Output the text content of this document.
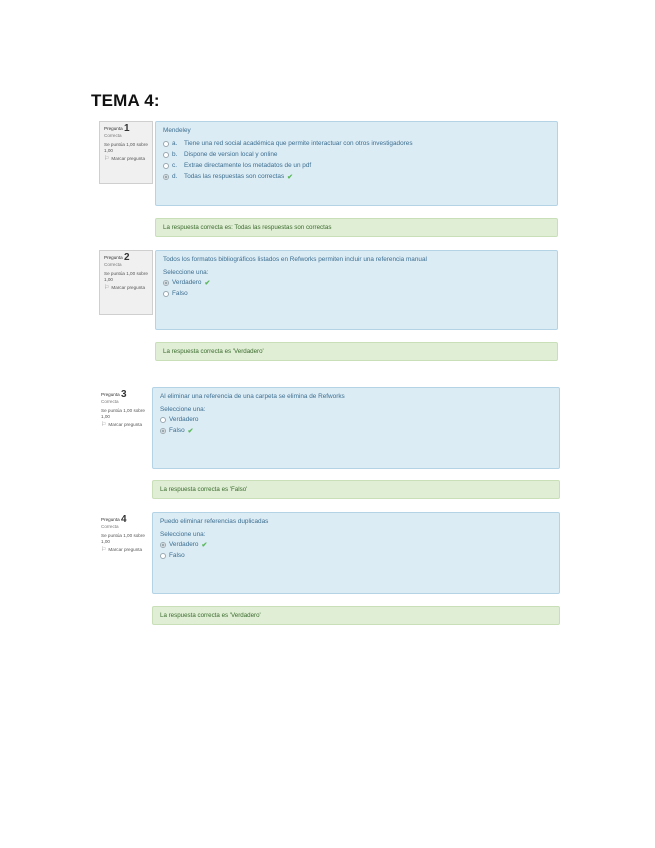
TEMA 4:
Pregunta 1
Correcta
Se puntúa 1,00 sobre 1,00
⚐ Marcar pregunta
Mendeley
a.	Tiene una red social académica que permite interactuar con otros investigadores
b.	Dispone de version local y online
c.	Extrae directamente los metadatos de un pdf
d.	Todas las respuestas son correctas ✔
La respuesta correcta es: Todas las respuestas son correctas
Pregunta 2
Correcta
Se puntúa 1,00 sobre 1,00
⚐ Marcar pregunta
Todos los formatos bibliográficos listados en Refworks permiten incluir una referencia manual
Seleccione una:
Verdadero ✔
Falso
La respuesta correcta es 'Verdadero'
Pregunta 3
Correcta
Se puntúa 1,00 sobre 1,00
⚐ Marcar pregunta
Al eliminar una referencia de una carpeta se elimina de Refworks
Seleccione una:
Verdadero
Falso ✔
La respuesta correcta es 'Falso'
Pregunta 4
Correcta
Se puntúa 1,00 sobre 1,00
⚐ Marcar pregunta
Puedo eliminar referencias duplicadas
Seleccione una:
Verdadero ✔
Falso
La respuesta correcta es 'Verdadero'
